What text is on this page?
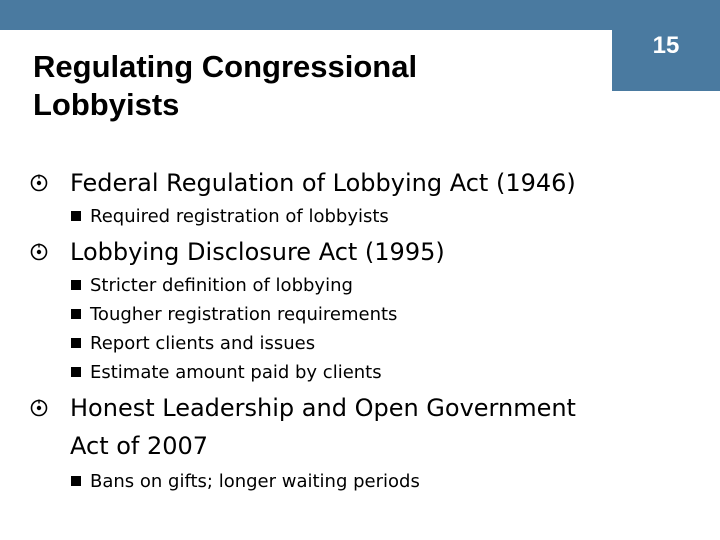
15
Regulating Congressional
Lobbyists
Federal Regulation of Lobbying Act (1946)
Required registration of lobbyists
Lobbying Disclosure Act (1995)
Stricter definition of lobbying
Tougher registration requirements
Report clients and issues
Estimate amount paid by clients
Honest Leadership and Open Government
Act of 2007
Bans on gifts; longer waiting periods
